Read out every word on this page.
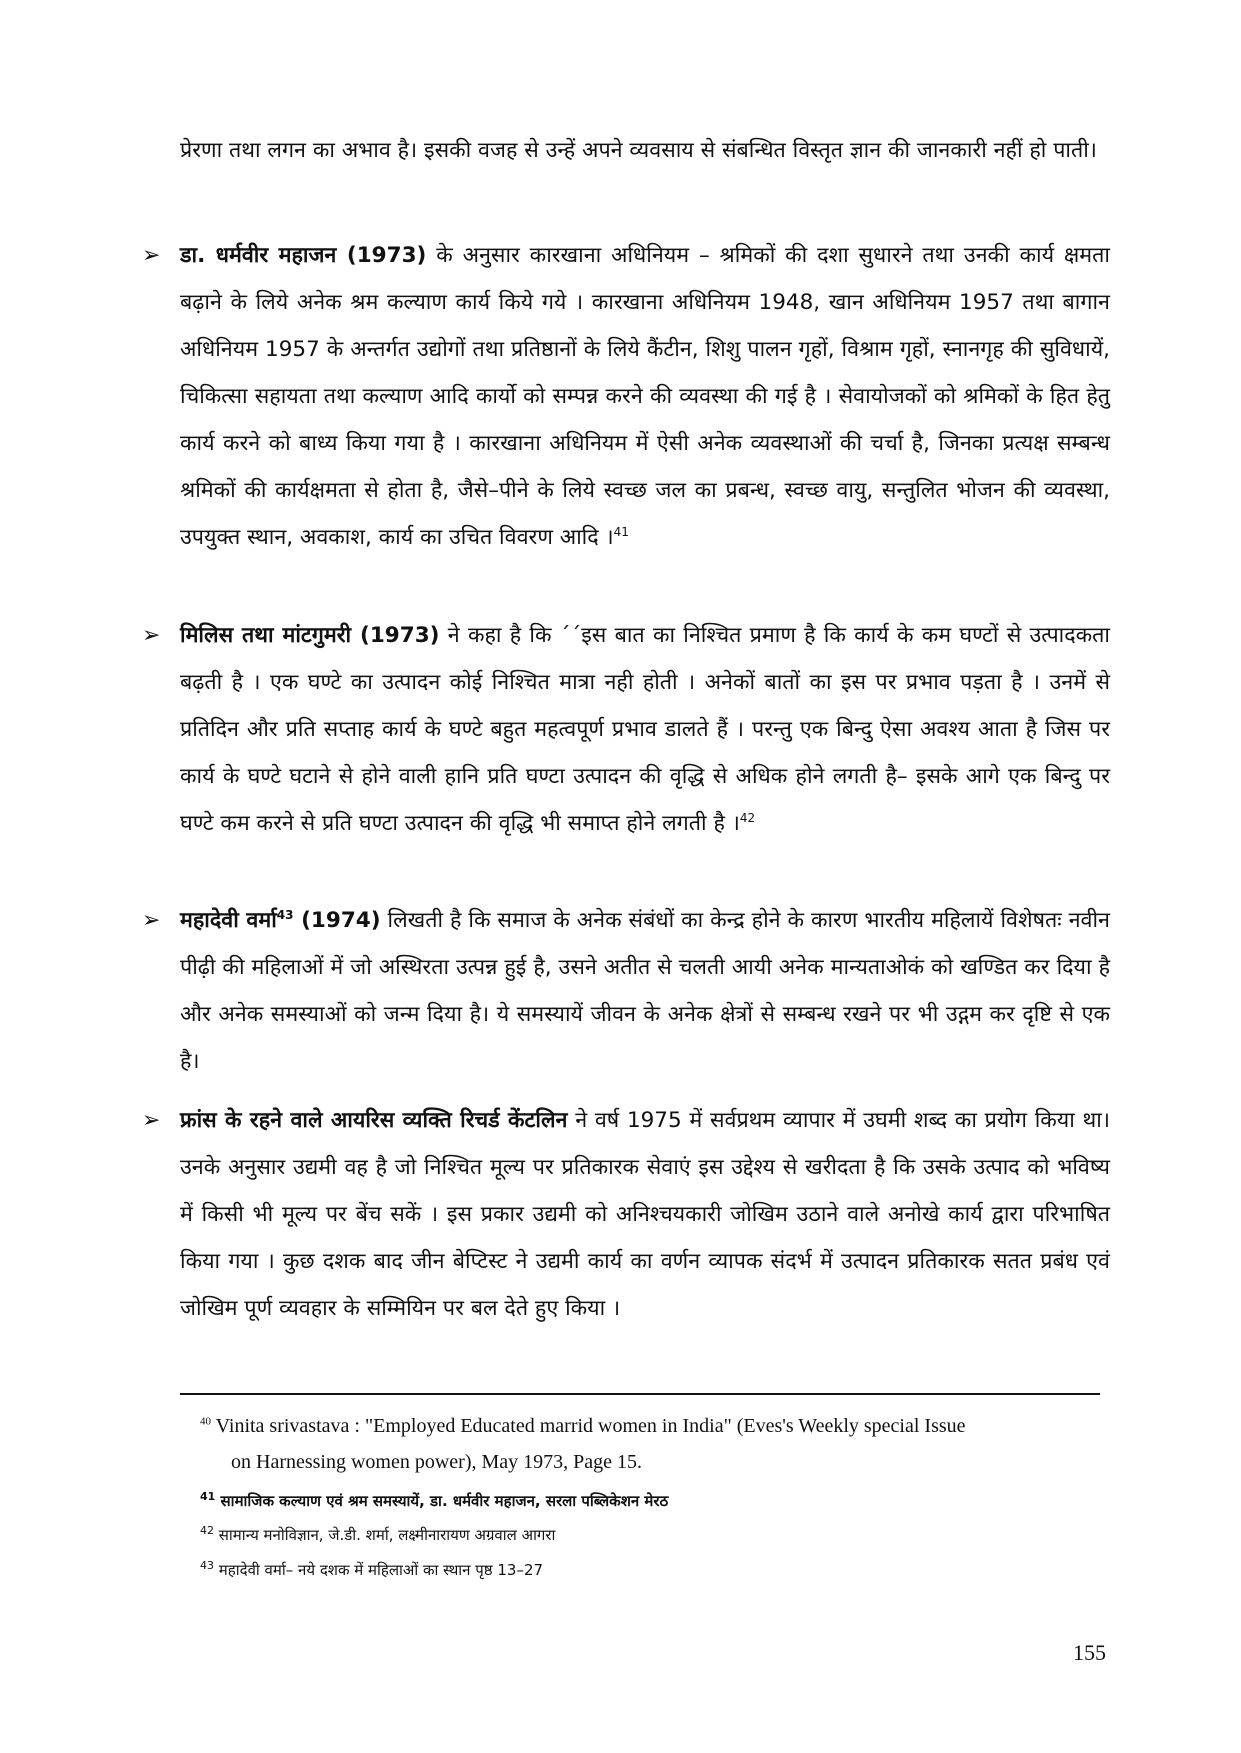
प्रेरणा तथा लगन का अभाव है। इसकी वजह से उन्हें अपने व्यवसाय से संबन्धित विस्तृत ज्ञान की जानकारी नहीं हो पाती।

➢ डा. धर्मवीर महाजन (1973) के अनुसार कारखाना अधिनियम – श्रमिकों की दशा सुधारने तथा उनकी कार्य क्षमता बढ़ाने के लिये अनेक श्रम कल्याण कार्य किये गये । कारखाना अधिनियम 1948, खान अधिनियम 1957 तथा बागान अधिनियम 1957 के अन्तर्गत उद्योगों तथा प्रतिष्ठानों के लिये कैंटीन, शिशु पालन गृहों, विश्राम गृहों, स्नानगृह की सुविधायें, चिकित्सा सहायता तथा कल्याण आदि कार्यो को सम्पन्न करने की व्यवस्था की गई है । सेवायोजकों को श्रमिकों के हित हेतु कार्य करने को बाध्य किया गया है । कारखाना अधिनियम में ऐसी अनेक व्यवस्थाओं की चर्चा है, जिनका प्रत्यक्ष सम्बन्ध श्रमिकों की कार्यक्षमता से होता है, जैसे–पीने के लिये स्वच्छ जल का प्रबन्ध, स्वच्छ वायु, सन्तुलित भोजन की व्यवस्था, उपयुक्त स्थान, अवकाश, कार्य का उचित विवरण आदि ।$^{41}$

➢ मिलिस तथा मांटगुमरी (1973) ने कहा है कि ´´इस बात का निश्चित प्रमाण है कि कार्य के कम घण्टों से उत्पादकता बढ़ती है । एक घण्टे का उत्पादन कोई निश्चित मात्रा नही होती । अनेकों बातों का इस पर प्रभाव पड़ता है । उनमें से प्रतिदिन और प्रति सप्ताह कार्य के घण्टे बहुत महत्वपूर्ण प्रभाव डालते हैं । परन्तु एक बिन्दु ऐसा अवश्य आता है जिस पर कार्य के घण्टे घटाने से होने वाली हानि प्रति घण्टा उत्पादन की वृद्धि से अधिक होने लगती है– इसके आगे एक बिन्दु पर घण्टे कम करने से प्रति घण्टा उत्पादन की वृद्धि भी समाप्त होने लगती है ।$^{42}$

➢ महादेवी वर्मा$^{43}$ (1974) लिखती है कि समाज के अनेक संबंधों का केन्द्र होने के कारण भारतीय महिलायें विशेषतः नवीन पीढ़ी की महिलाओं में जो अस्थिरता उत्पन्न हुई है, उसने अतीत से चलती आयी अनेक मान्यताओकं को खण्डित कर दिया है और अनेक समस्याओं को जन्म दिया है। ये समस्यायें जीवन के अनेक क्षेत्रों से सम्बन्ध रखने पर भी उद्गम कर दृष्टि से एक है।

➢ फ्रांस के रहने वाले आयरिस व्यक्ति रिचर्ड केंटलिन ने वर्ष 1975 में सर्वप्रथम व्यापार में उघमी शब्द का प्रयोग किया था। उनके अनुसार उद्यमी वह है जो निश्चित मूल्य पर प्रतिकारक सेवाएं इस उद्देश्य से खरीदता है कि उसके उत्पाद को भविष्य में किसी भी मूल्य पर बेंच सकें । इस प्रकार उद्यमी को अनिश्चयकारी जोखिम उठाने वाले अनोखे कार्य द्वारा परिभाषित किया गया । कुछ दशक बाद जीन बेप्टिस्ट ने उद्यमी कार्य का वर्णन व्यापक संदर्भ में उत्पादन प्रतिकारक सतत प्रबंध एवं जोखिम पूर्ण व्यवहार के सम्मियिन पर बल देते हुए किया ।

$^{40}$ Vinita srivastava : "Employed Educated marrid women in India" (Eves's Weekly special Issue
on Harnessing women power), May 1973, Page 15.

$^{41}$ सामाजिक कल्याण एवं श्रम समस्यायें, डा. धर्मवीर महाजन, सरला पब्लिकेशन मेरठ

$^{42}$ सामान्य मनोविज्ञान, जे.डी. शर्मा, लक्ष्मीनारायण अग्रवाल आगरा

$^{43}$ महादेवी वर्मा– नये दशक में महिलाओं का स्थान पृष्ठ 13–27

155
